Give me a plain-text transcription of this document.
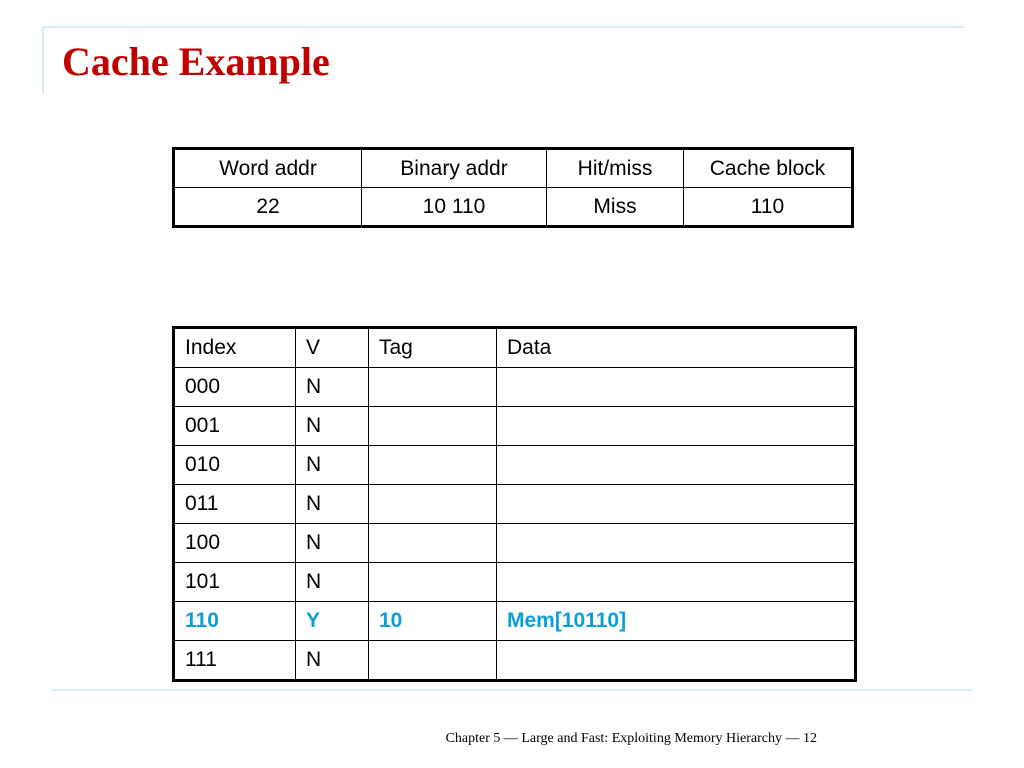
Cache Example
Word addr	Binary addr	Hit/miss	Cache block
22	10 110	Miss	110
Index	V	Tag	Data
000	N		
001	N		
010	N		
011	N		
100	N		
101	N		
110	Y	10	Mem[10110]
111	N		
Chapter 5 — Large and Fast: Exploiting Memory Hierarchy — 12
